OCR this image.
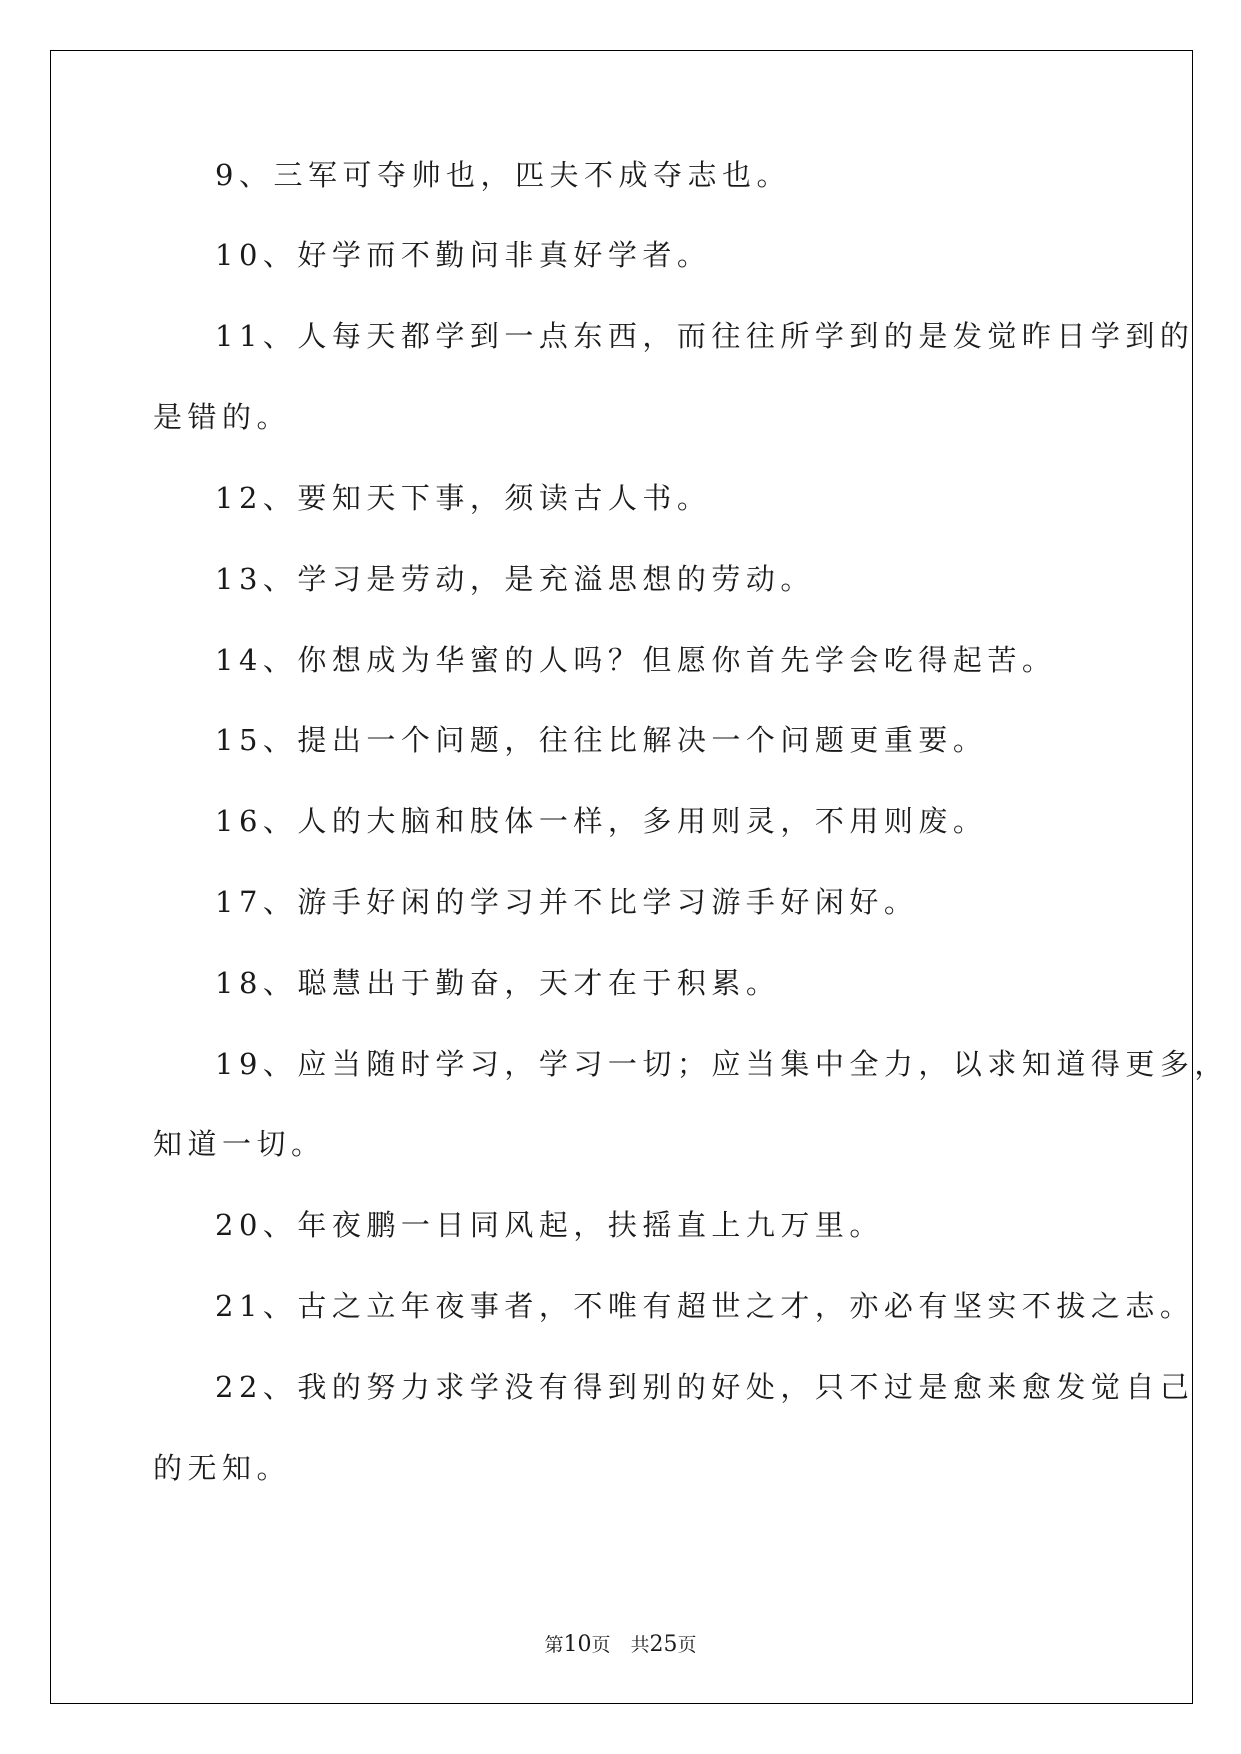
9、三军可夺帅也，匹夫不成夺志也。
10、好学而不勤问非真好学者。
11、人每天都学到一点东西，而往往所学到的是发觉昨日学到的
是错的。
12、要知天下事，须读古人书。
13、学习是劳动，是充溢思想的劳动。
14、你想成为华蜜的人吗？但愿你首先学会吃得起苦。
15、提出一个问题，往往比解决一个问题更重要。
16、人的大脑和肢体一样，多用则灵，不用则废。
17、游手好闲的学习并不比学习游手好闲好。
18、聪慧出于勤奋，天才在于积累。
19、应当随时学习，学习一切；应当集中全力，以求知道得更多，
知道一切。
20、年夜鹏一日同风起，扶摇直上九万里。
21、古之立年夜事者，不唯有超世之才，亦必有坚实不拔之志。
22、我的努力求学没有得到别的好处，只不过是愈来愈发觉自己
的无知。
第10页 共25页
